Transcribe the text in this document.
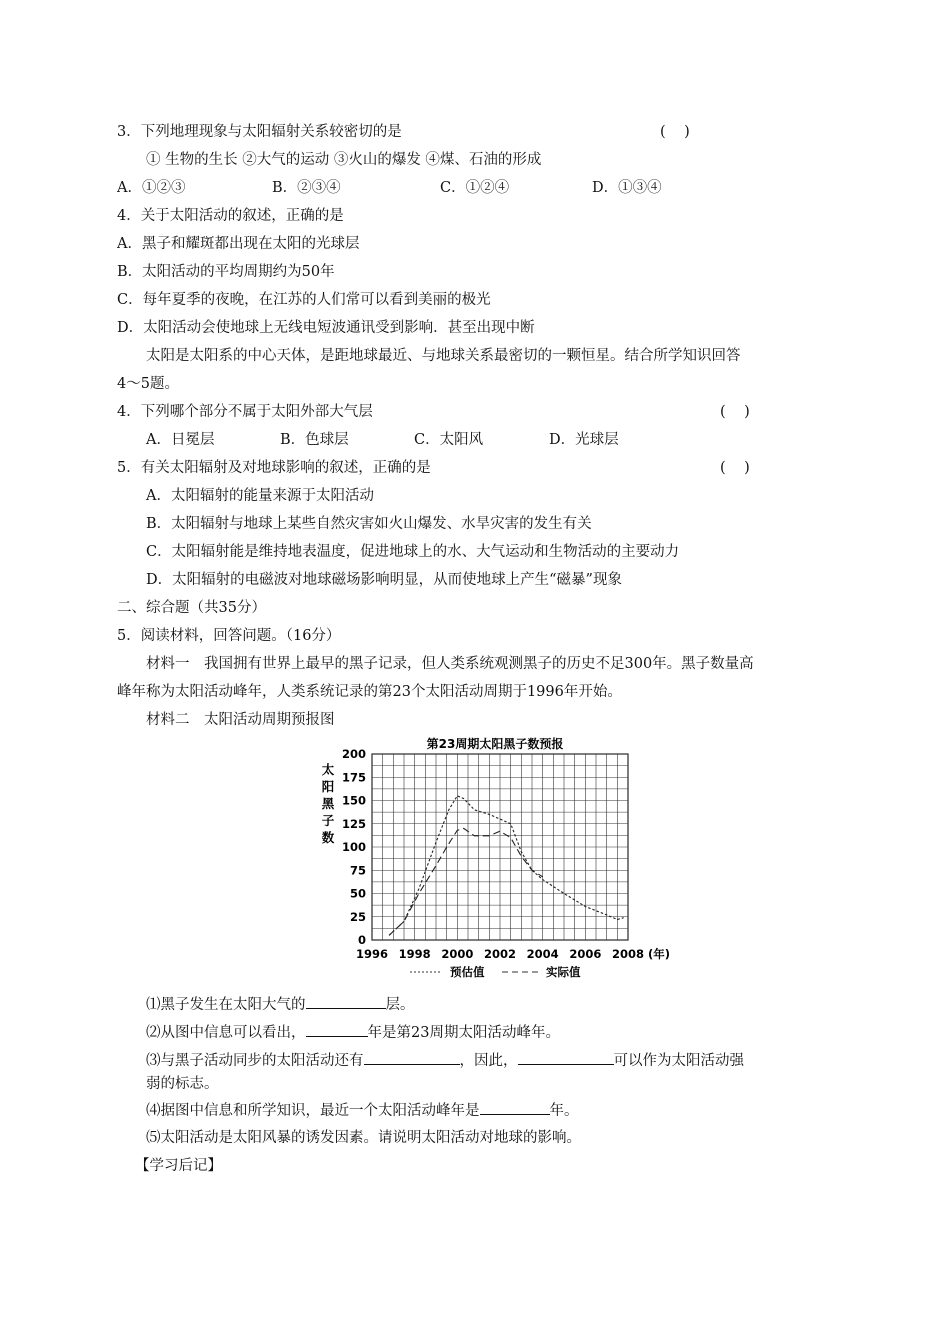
3．下列地理现象与太阳辐射关系较密切的是	(    )
① 生物的生长 ②大气的运动 ③火山的爆发 ④煤、石油的形成
A．①②③	B．②③④	C．①②④	D．①③④
4．关于太阳活动的叙述，正确的是
A．黑子和耀斑都出现在太阳的光球层
B．太阳活动的平均周期约为50年
C．每年夏季的夜晚，在江苏的人们常可以看到美丽的极光
D．太阳活动会使地球上无线电短波通讯受到影响．甚至出现中断
太阳是太阳系的中心天体，是距地球最近、与地球关系最密切的一颗恒星。结合所学知识回答
4～5题。
4．下列哪个部分不属于太阳外部大气层	(    )
A．日冕层	B．色球层	C．太阳风	D．光球层
5．有关太阳辐射及对地球影响的叙述，正确的是	(    )
A．太阳辐射的能量来源于太阳活动
B．太阳辐射与地球上某些自然灾害如火山爆发、水旱灾害的发生有关
C．太阳辐射能是维持地表温度，促进地球上的水、大气运动和生物活动的主要动力
D．太阳辐射的电磁波对地球磁场影响明显，从而使地球上产生“磁暴”现象
二、综合题（共35分）
5．阅读材料，回答问题。（16分）
材料一　我国拥有世界上最早的黑子记录，但人类系统观测黑子的历史不足300年。黑子数量高
峰年称为太阳活动峰年，人类系统记录的第23个太阳活动周期于1996年开始。
材料二　太阳活动周期预报图
第23周期太阳黑子数预报
太
阳
黑
子
数
0
25
50
75
100
125
150
175
200
1996 1998 2000 2002 2004 2006 2008 (年)
预估值	实际值
⑴黑子发生在太阳大气的	层。
⑵从图中信息可以看出，	年是第23周期太阳活动峰年。
⑶与黑子活动同步的太阳活动还有	，因此，	可以作为太阳活动强
弱的标志。
⑷据图中信息和所学知识，最近一个太阳活动峰年是	年。
⑸太阳活动是太阳风暴的诱发因素。请说明太阳活动对地球的影响。
【学习后记】
